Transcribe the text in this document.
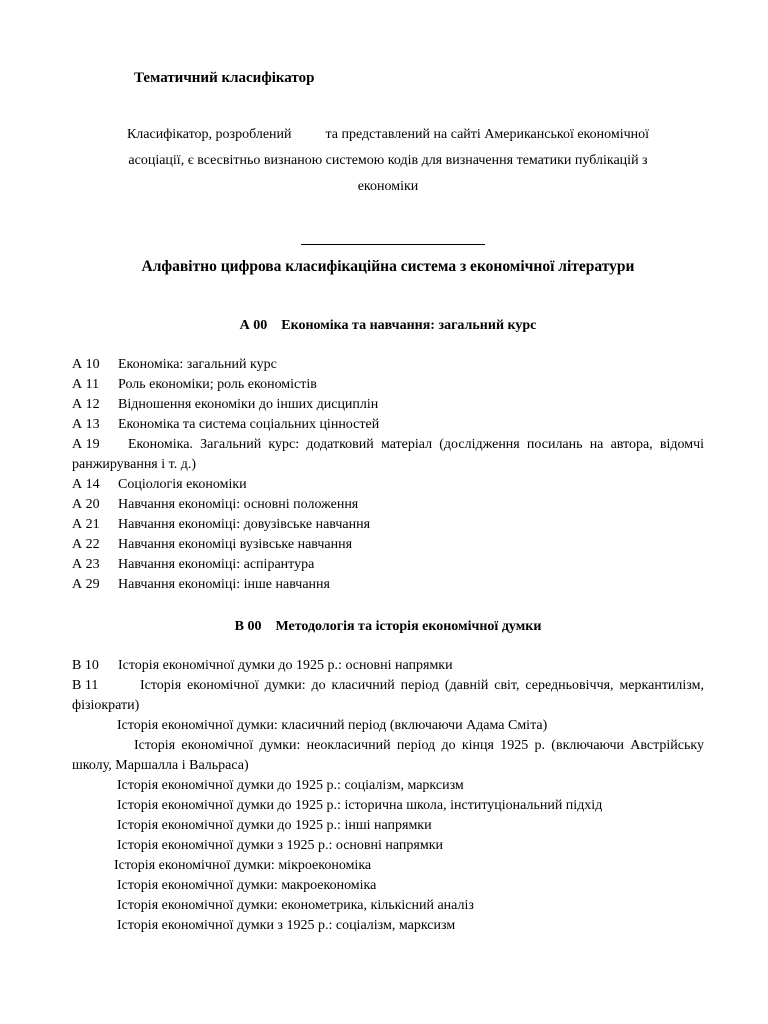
Тематичний класифікатор
Класифікатор, розроблений та представлений на сайті Американської економічної
асоціації, є всесвітньо визнаною системою кодів для визначення тематики публікацій з
економіки
Алфавітно цифрова класифікаційна система з економічної літератури
А 00    Економіка та навчання: загальний курс
А 10	Економіка: загальний курс
А 11	Роль економіки; роль економістів
А 12	Відношення економіки до інших дисциплін
А 13	Економіка та система соціальних цінностей
А 19 Економіка. Загальний курс: додатковий матеріал (дослідження посилань на автора, відомчі ранжирування і т. д.)
А 14	Соціологія економіки
А 20	Навчання економіці: основні положення
А 21	Навчання економіці: довузівське навчання
А 22	Навчання економіці вузівське навчання
А 23	Навчання економіці: аспірантура
А 29	Навчання економіці: інше навчання
В 00    Методологія та історія економічної думки
В 10	Історія економічної думки до 1925 р.: основні напрямки
В 11	Історія економічної думки: до класичний період (давній світ, середньовіччя, меркантилізм, фізіократи)
Історія економічної думки: класичний період (включаючи Адама Сміта)
Історія економічної думки: неокласичний період до кінця 1925 р. (включаючи Австрійську школу, Маршалла і Вальраса)
Історія економічної думки до 1925 р.: соціалізм, марксизм
Історія економічної думки до 1925 р.: історична школа, інституціональний підхід
Історія економічної думки до 1925 р.: інші напрямки
Історія економічної думки з 1925 р.: основні напрямки
Історія економічної думки: мікроекономіка
Історія економічної думки: макроекономіка
Історія економічної думки: економетрика, кількісний аналіз
Історія економічної думки з 1925 р.: соціалізм, марксизм
